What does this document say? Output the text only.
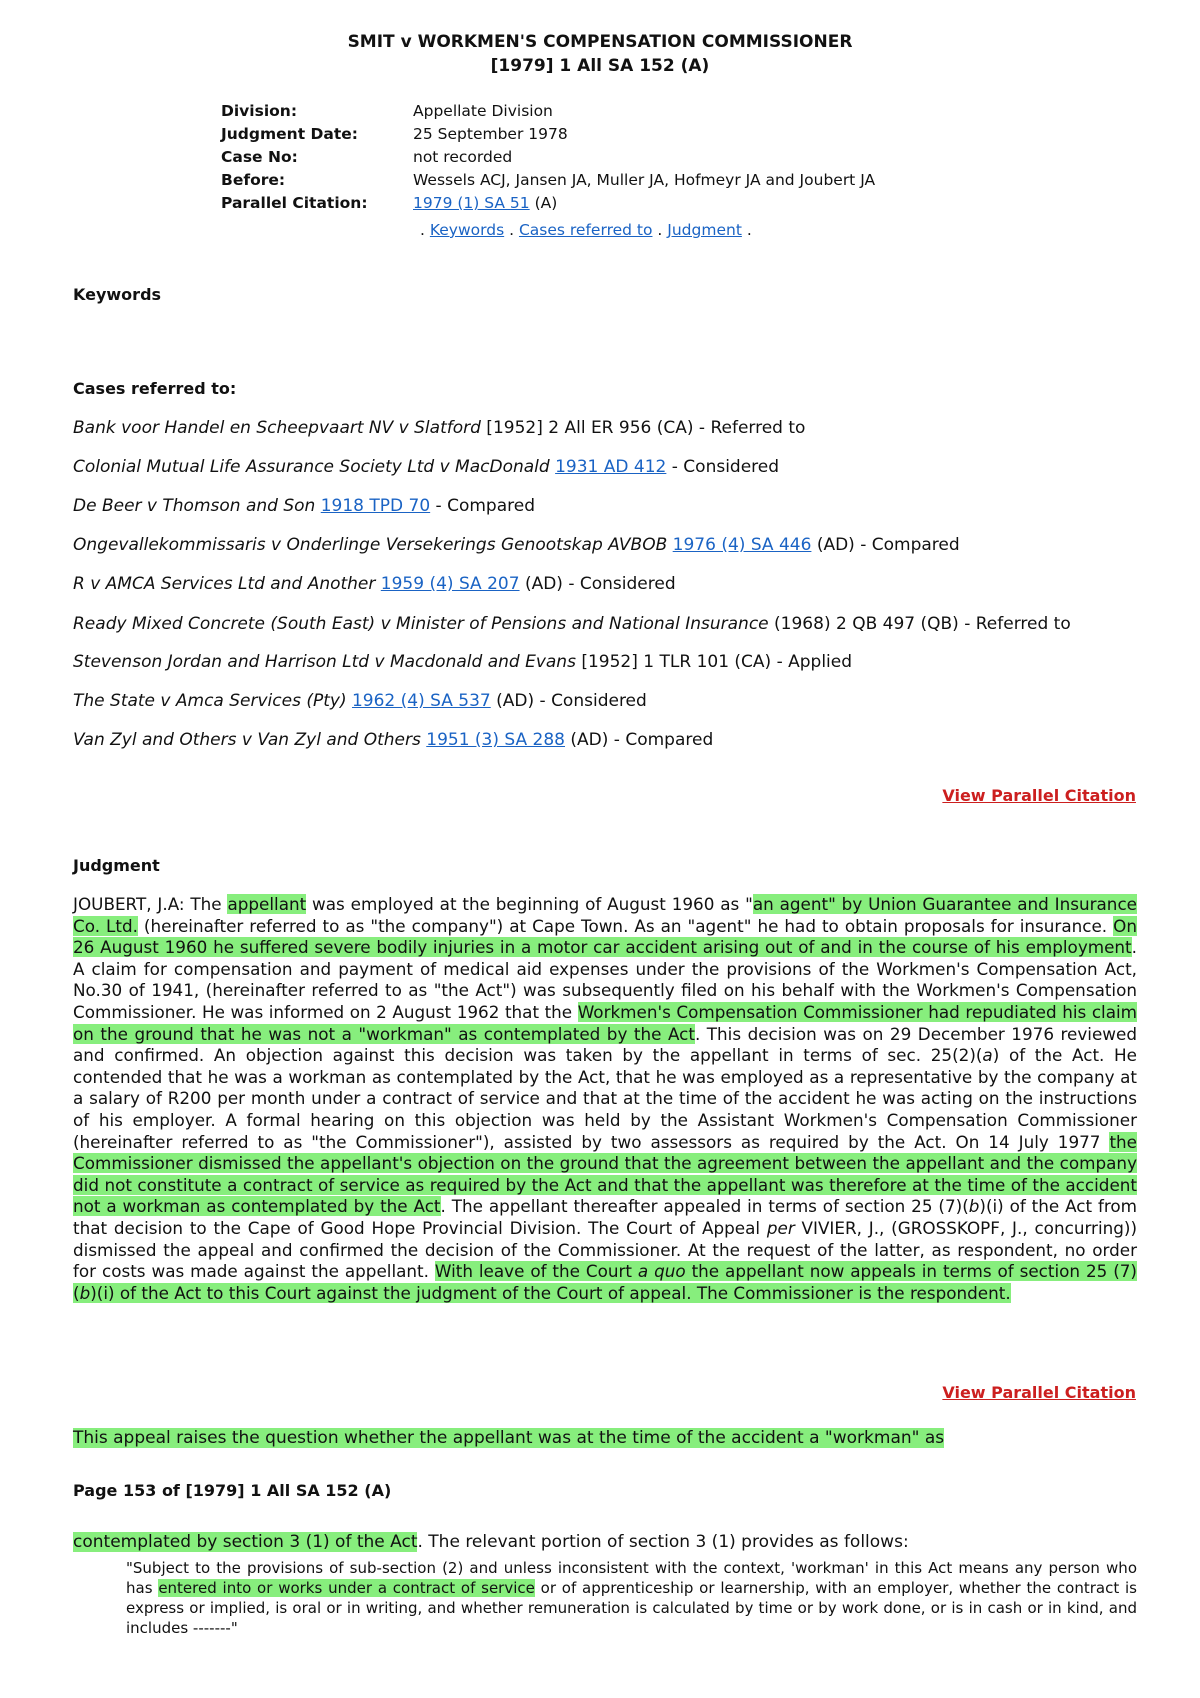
SMIT v WORKMEN'S COMPENSATION COMMISSIONER
[1979] 1 All SA 152 (A)
Division:	Appellate Division
Judgment Date:	25 September 1978
Case No:	not recorded
Before:	Wessels ACJ, Jansen JA, Muller JA, Hofmeyr JA and Joubert JA
Parallel Citation:	1979 (1) SA 51 (A)
. Keywords . Cases referred to . Judgment .
Keywords
Cases referred to:
Bank voor Handel en Scheepvaart NV v Slatford [1952] 2 All ER 956 (CA) - Referred to
Colonial Mutual Life Assurance Society Ltd v MacDonald 1931 AD 412 - Considered
De Beer v Thomson and Son 1918 TPD 70 - Compared
Ongevallekommissaris v Onderlinge Versekerings Genootskap AVBOB 1976 (4) SA 446 (AD) - Compared
R v AMCA Services Ltd and Another 1959 (4) SA 207 (AD) - Considered
Ready Mixed Concrete (South East) v Minister of Pensions and National Insurance (1968) 2 QB 497 (QB) - Referred to
Stevenson Jordan and Harrison Ltd v Macdonald and Evans [1952] 1 TLR 101 (CA) - Applied
The State v Amca Services (Pty) 1962 (4) SA 537 (AD) - Considered
Van Zyl and Others v Van Zyl and Others 1951 (3) SA 288 (AD) - Compared
View Parallel Citation
Judgment
JOUBERT, J.A: The appellant was employed at the beginning of August 1960 as "an agent" by Union Guarantee and Insurance Co. Ltd. (hereinafter referred to as "the company") at Cape Town. As an "agent" he had to obtain proposals for insurance. On 26 August 1960 he suffered severe bodily injuries in a motor car accident arising out of and in the course of his employment. A claim for compensation and payment of medical aid expenses under the provisions of the Workmen's Compensation Act, No.30 of 1941, (hereinafter referred to as "the Act") was subsequently filed on his behalf with the Workmen's Compensation Commissioner. He was informed on 2 August 1962 that the Workmen's Compensation Commissioner had repudiated his claim on the ground that he was not a "workman" as contemplated by the Act. This decision was on 29 December 1976 reviewed and confirmed. An objection against this decision was taken by the appellant in terms of sec. 25(2)(a) of the Act. He contended that he was a workman as contemplated by the Act, that he was employed as a representative by the company at a salary of R200 per month under a contract of service and that at the time of the accident he was acting on the instructions of his employer. A formal hearing on this objection was held by the Assistant Workmen's Compensation Commissioner (hereinafter referred to as "the Commissioner"), assisted by two assessors as required by the Act. On 14 July 1977 the Commissioner dismissed the appellant's objection on the ground that the agreement between the appellant and the company did not constitute a contract of service as required by the Act and that the appellant was therefore at the time of the accident not a workman as contemplated by the Act. The appellant thereafter appealed in terms of section 25 (7)(b)(i) of the Act from that decision to the Cape of Good Hope Provincial Division. The Court of Appeal per VIVIER, J., (GROSSKOPF, J., concurring)) dismissed the appeal and confirmed the decision of the Commissioner. At the request of the latter, as respondent, no order for costs was made against the appellant. With leave of the Court a quo the appellant now appeals in terms of section 25 (7)(b)(i) of the Act to this Court against the judgment of the Court of appeal. The Commissioner is the respondent.
View Parallel Citation
This appeal raises the question whether the appellant was at the time of the accident a "workman" as
Page 153 of [1979] 1 All SA 152 (A)
contemplated by section 3 (1) of the Act. The relevant portion of section 3 (1) provides as follows:
"Subject to the provisions of sub-section (2) and unless inconsistent with the context, 'workman' in this Act means any person who has entered into or works under a contract of service or of apprenticeship or learnership, with an employer, whether the contract is express or implied, is oral or in writing, and whether remuneration is calculated by time or by work done, or is in cash or in kind, and includes -------"
